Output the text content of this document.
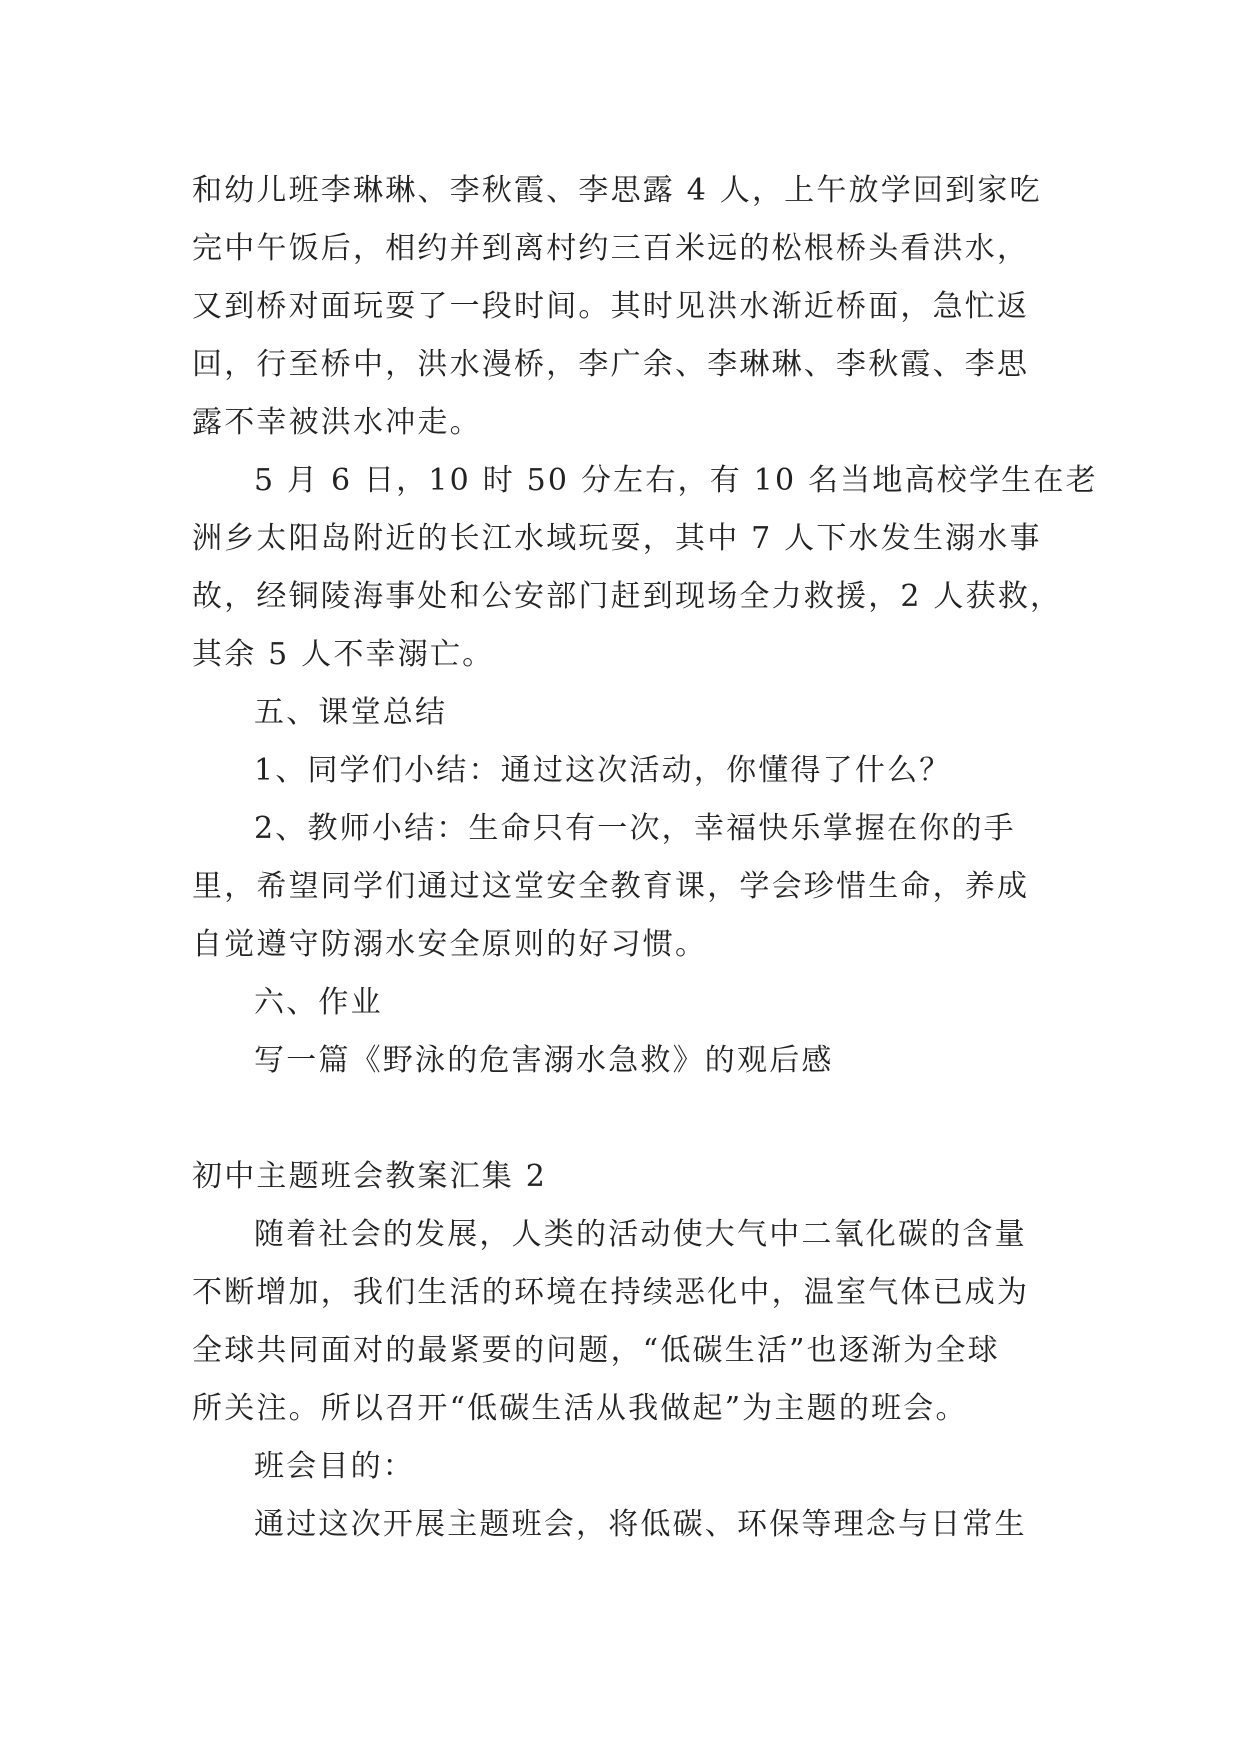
和幼儿班李琳琳、李秋霞、李思露 4 人，上午放学回到家吃
完中午饭后，相约并到离村约三百米远的松根桥头看洪水，
又到桥对面玩耍了一段时间。其时见洪水渐近桥面，急忙返
回，行至桥中，洪水漫桥，李广余、李琳琳、李秋霞、李思
露不幸被洪水冲走。
5 月 6 日，10 时 50 分左右，有 10 名当地高校学生在老
洲乡太阳岛附近的长江水域玩耍，其中 7 人下水发生溺水事
故，经铜陵海事处和公安部门赶到现场全力救援，2 人获救，
其余 5 人不幸溺亡。
五、课堂总结
1、同学们小结：通过这次活动，你懂得了什么？
2、教师小结：生命只有一次，幸福快乐掌握在你的手
里，希望同学们通过这堂安全教育课，学会珍惜生命，养成
自觉遵守防溺水安全原则的好习惯。
六、作业
写一篇《野泳的危害溺水急救》的观后感
初中主题班会教案汇集 2
随着社会的发展，人类的活动使大气中二氧化碳的含量
不断增加，我们生活的环境在持续恶化中，温室气体已成为
全球共同面对的最紧要的问题，“低碳生活”也逐渐为全球
所关注。所以召开“低碳生活从我做起”为主题的班会。
班会目的：
通过这次开展主题班会，将低碳、环保等理念与日常生
